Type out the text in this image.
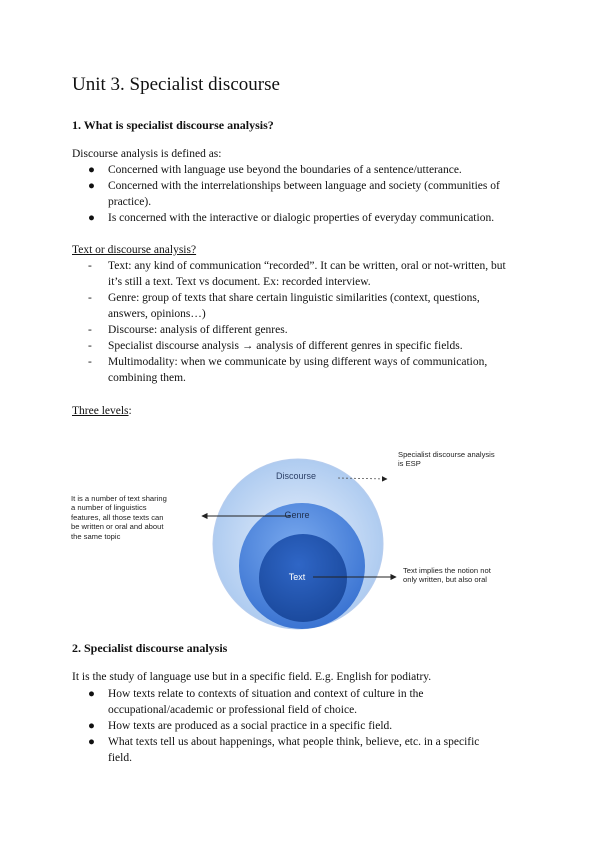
Unit 3. Specialist discourse

1. What is specialist discourse analysis?

Discourse analysis is defined as:

● Concerned with language use beyond the boundaries of a sentence/utterance.
● Concerned with the interrelationships between language and society (communities of
practice).
● Is concerned with the interactive or dialogic properties of everyday communication.

Text or discourse analysis?

- Text: any kind of communication “recorded”. It can be written, oral or not-written, but
it’s still a text. Text vs document. Ex: recorded interview.
- Genre: group of texts that share certain linguistic similarities (context, questions,
answers, opinions…)
- Discourse: analysis of different genres.
- Specialist discourse analysis → analysis of different genres in specific fields.
- Multimodality: when we communicate by using different ways of communication,
combining them.

Three levels:

Discourse
Genre
Text
Specialist discourse analysis
is ESP
It is a number of text sharing
a number of linguistics
features, all those texts can
be written or oral and about
the same topic
Text implies the notion not
only written, but also oral

2. Specialist discourse analysis

It is the study of language use but in a specific field. E.g. English for podiatry.

● How texts relate to contexts of situation and context of culture in the
occupational/academic or professional field of choice.
● How texts are produced as a social practice in a specific field.
● What texts tell us about happenings, what people think, believe, etc. in a specific
field.
